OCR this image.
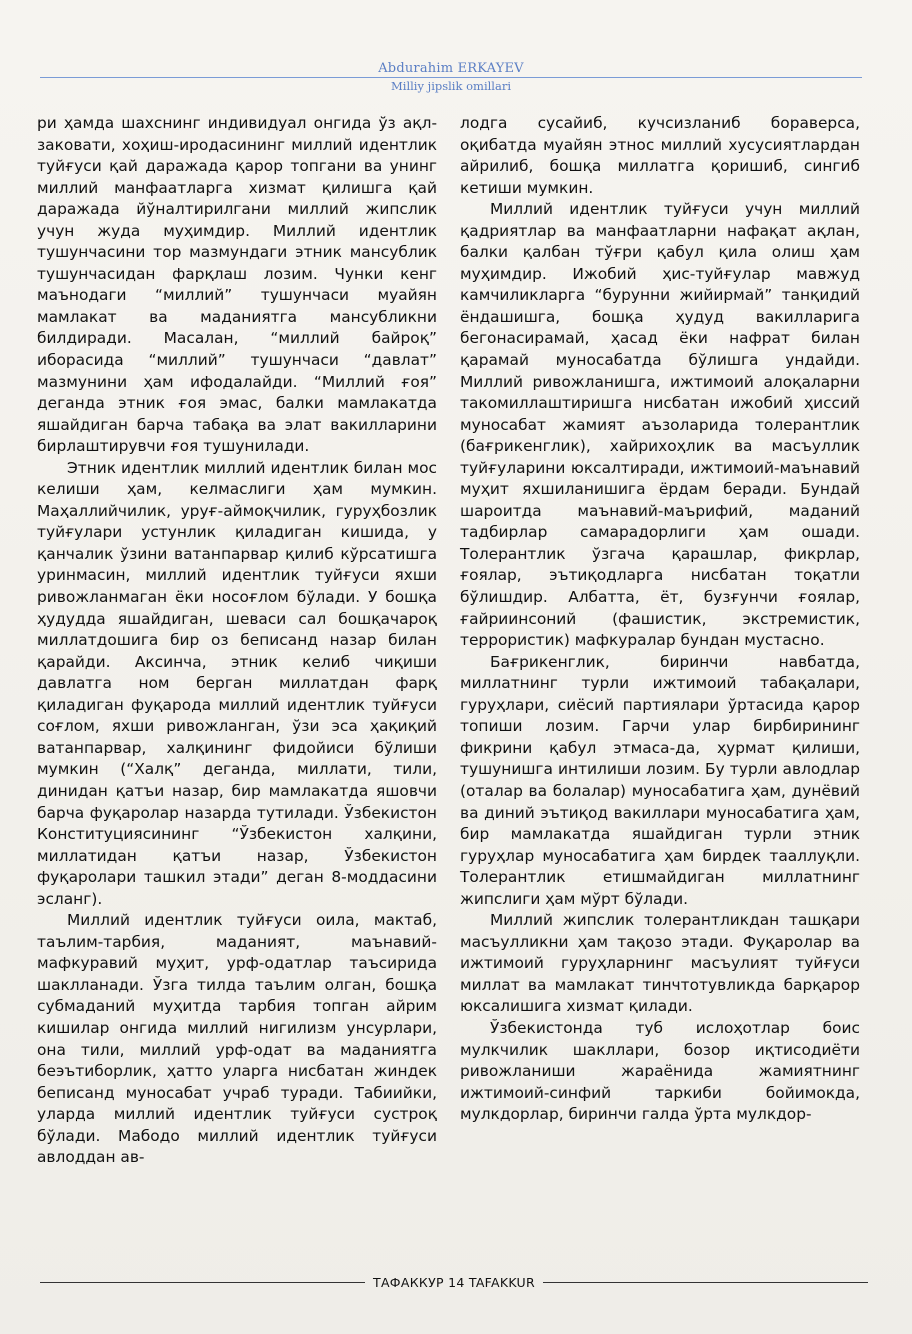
Abdurahim ERKAYEV
Milliy jipslik omillari

ри ҳамда шахснинг индивидуал онгида ўз ақл-заковати, хоҳиш-иродасининг миллий идентлик туйғуси қай даражада қарор топгани ва унинг миллий манфаатларга хизмат қилишга қай даражада йўналтирилгани миллий жипслик учун жуда муҳимдир. Миллий идентлик тушунчасини тор мазмундаги этник мансублик тушунчасидан фарқлаш лозим. Чунки кенг маънодаги “миллий” тушунчаси муайян мамлакат ва маданиятга мансубликни билдиради. Масалан, “миллий байроқ” иборасида “миллий” тушунчаси “давлат” мазмунини ҳам ифодалайди. “Миллий ғоя” деганда этник ғоя эмас, балки мамлакатда яшайдиган барча табақа ва элат вакилларини бирлаштирувчи ғоя тушунилади.

Этник идентлик миллий идентлик билан мос келиши ҳам, келмаслиги ҳам мумкин. Маҳаллийчилик, уруғ-аймоқчилик, гуруҳбозлик туйғулари устунлик қиладиган кишида, у қанчалик ўзини ватанпарвар қилиб кўрсатишга уринмасин, миллий идентлик туйғуси яхши ривожланмаган ёки носоғлом бўлади. У бошқа ҳудудда яшайдиган, шеваси сал бошқачароқ миллатдошига бир оз беписанд назар билан қарайди. Аксинча, этник келиб чиқиши давлатга ном берган миллатдан фарқ қиладиган фуқарода миллий идентлик туйғуси соғлом, яхши ривожланган, ўзи эса ҳақиқий ватанпарвар, халқининг фидойиси бўлиши мумкин (“Халқ” деганда, миллати, тили, динидан қатъи назар, бир мамлакатда яшовчи барча фуқаролар назарда тутилади. Ўзбекистон Конституциясининг “Ўзбекистон халқини, миллатидан қатъи назар, Ўзбекистон фуқаролари ташкил этади” деган 8-моддасини эсланг).

Миллий идентлик туйғуси оила, мактаб, таълим-тарбия, маданият, маънавий-мафкуравий муҳит, урф-одатлар таъсирида шаклланади. Ўзга тилда таълим олган, бошқа субмаданий муҳитда тарбия топган айрим кишилар онгида миллий нигилизм унсурлари, она тили, миллий урф-одат ва маданиятга беэътиборлик, ҳатто уларга нисбатан жиндек беписанд муносабат учраб туради. Табиийки, уларда миллий идентлик туйғуси сустроқ бўлади. Мабодо миллий идентлик туйғуси авлоддан ав-

лодга сусайиб, кучсизланиб бораверса, оқибатда муайян этнос миллий хусусиятлардан айрилиб, бошқа миллатга қоришиб, сингиб кетиши мумкин.

Миллий идентлик туйғуси учун миллий қадриятлар ва манфаатларни нафақат ақлан, балки қалбан тўғри қабул қила олиш ҳам муҳимдир. Ижобий ҳис-туйғулар мавжуд камчиликларга “бурунни жийирмай” танқидий ёндашишга, бошқа ҳудуд вакилларига бегонасирамай, ҳасад ёки нафрат билан қарамай муносабатда бўлишга ундайди. Миллий ривожланишга, ижтимоий алоқаларни такомиллаштиришга нисбатан ижобий ҳиссий муносабат жамият аъзоларида толерантлик (бағрикенглик), хайрихоҳлик ва масъуллик туйғуларини юксалтиради, ижтимоий-маънавий муҳит яхшиланишига ёрдам беради. Бундай шароитда маънавий-маърифий, маданий тадбирлар самарадорлиги ҳам ошади. Толерантлик ўзгача қарашлар, фикрлар, ғоялар, эътиқодларга нисбатан тоқатли бўлишдир. Албатта, ёт, бузғунчи ғоялар, ғайриинсоний (фашистик, экстремистик, террористик) мафкуралар бундан мустасно.

Бағрикенглик, биринчи навбатда, миллатнинг турли ижтимоий табақалари, гуруҳлари, сиёсий партиялари ўртасида қарор топиши лозим. Гарчи улар бирбирининг фикрини қабул этмаса-да, ҳурмат қилиши, тушунишга интилиши лозим. Бу турли авлодлар (оталар ва болалар) муносабатига ҳам, дунёвий ва диний эътиқод вакиллари муносабатига ҳам, бир мамлакатда яшайдиган турли этник гуруҳлар муносабатига ҳам бирдек тааллуқли. Толерантлик етишмайдиган миллатнинг жипслиги ҳам мўрт бўлади.

Миллий жипслик толерантликдан ташқари масъулликни ҳам тақозо этади. Фуқаролар ва ижтимоий гуруҳларнинг масъулият туйғуси миллат ва мамлакат тинчтотувликда барқарор юксалишига хизмат қилади.

Ўзбекистонда туб ислоҳотлар боис мулкчилик шакллари, бозор иқтисодиёти ривожланиши жараёнида жамиятнинг ижтимоий-синфий таркиби бойимокда, мулкдорлар, биринчи галда ўрта мулкдор-

ТАФАККУР 14 TAFAKKUR
